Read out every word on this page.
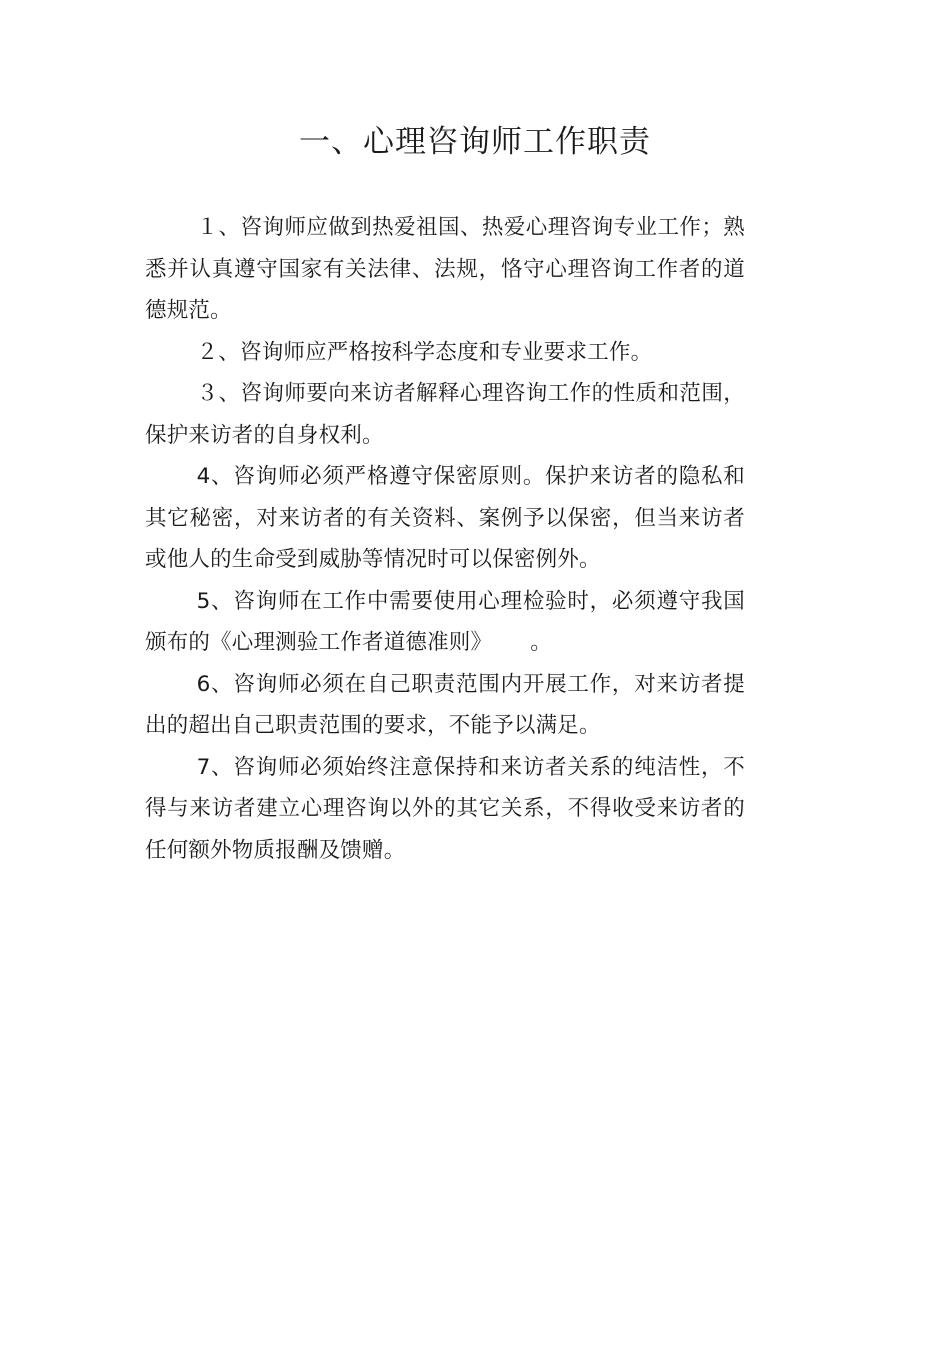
一、心理咨询师工作职责

１、咨询师应做到热爱祖国、热爱心理咨询专业工作；熟悉并认真遵守国家有关法律、法规，恪守心理咨询工作者的道德规范。

２、咨询师应严格按科学态度和专业要求工作。

３、咨询师要向来访者解释心理咨询工作的性质和范围，保护来访者的自身权利。

4、咨询师必须严格遵守保密原则。保护来访者的隐私和其它秘密，对来访者的有关资料、案例予以保密，但当来访者或他人的生命受到威胁等情况时可以保密例外。

5、咨询师在工作中需要使用心理检验时，必须遵守我国颁布的《心理测验工作者道德准则》 。

6、咨询师必须在自己职责范围内开展工作，对来访者提出的超出自己职责范围的要求，不能予以满足。

7、咨询师必须始终注意保持和来访者关系的纯洁性，不得与来访者建立心理咨询以外的其它关系，不得收受来访者的任何额外物质报酬及馈赠。
